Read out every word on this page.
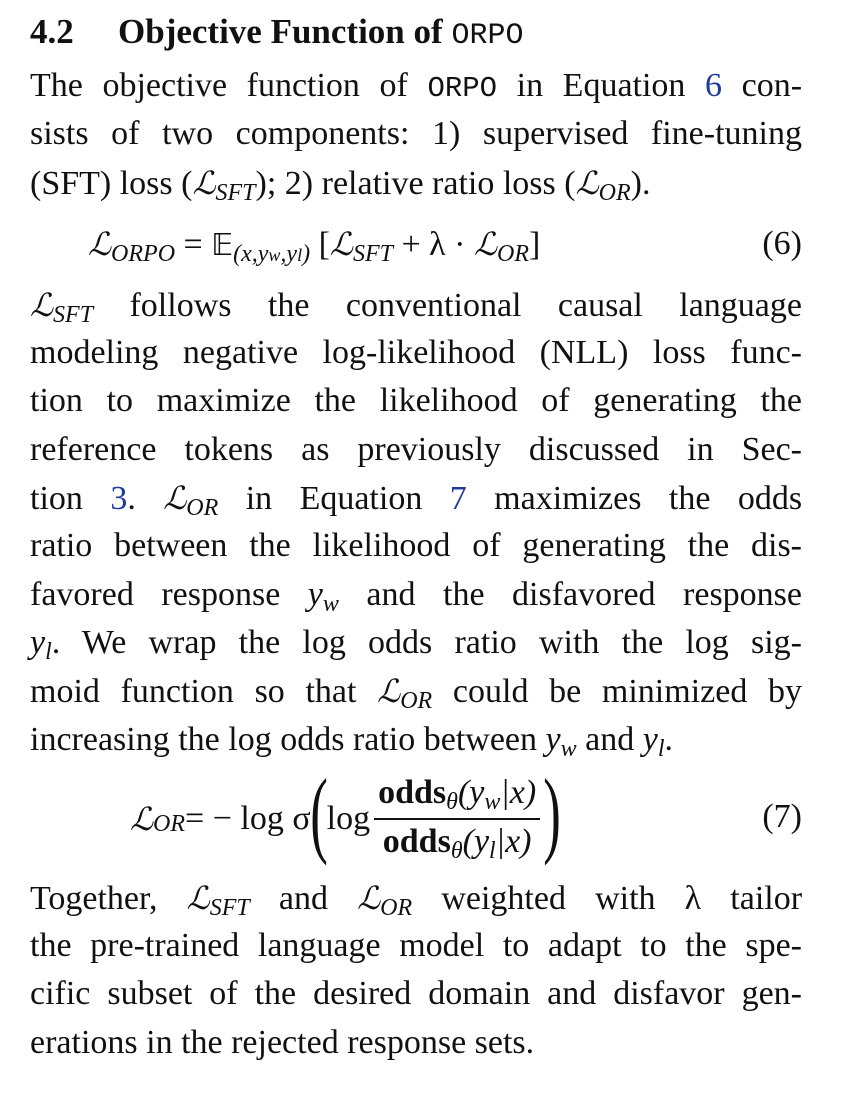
4.2 Objective Function of ORPO

The objective function of ORPO in Equation 6 con-
sists of two components: 1) supervised fine-tuning
(SFT) loss (ℒSFT); 2) relative ratio loss (ℒOR).

ℒORPO = 𝔼(x,yw,yl) [ℒSFT + λ · ℒOR]	(6)

ℒSFT follows the conventional causal language
modeling negative log-likelihood (NLL) loss func-
tion to maximize the likelihood of generating the
reference tokens as previously discussed in Sec-
tion 3. ℒOR in Equation 7 maximizes the odds
ratio between the likelihood of generating the dis-
favored response yw and the disfavored response
yl. We wrap the log odds ratio with the log sig-
moid function so that ℒOR could be minimized by
increasing the log odds ratio between yw and yl.

ℒ OR = − log σ ( $\log \frac{\text{oddsθ(yw|x)}}{\text{oddsθ(yl|x)}}$ )	(7)

Together, ℒSFT and ℒOR weighted with λ tailor
the pre-trained language model to adapt to the spe-
cific subset of the desired domain and disfavor gen-
erations in the rejected response sets.
